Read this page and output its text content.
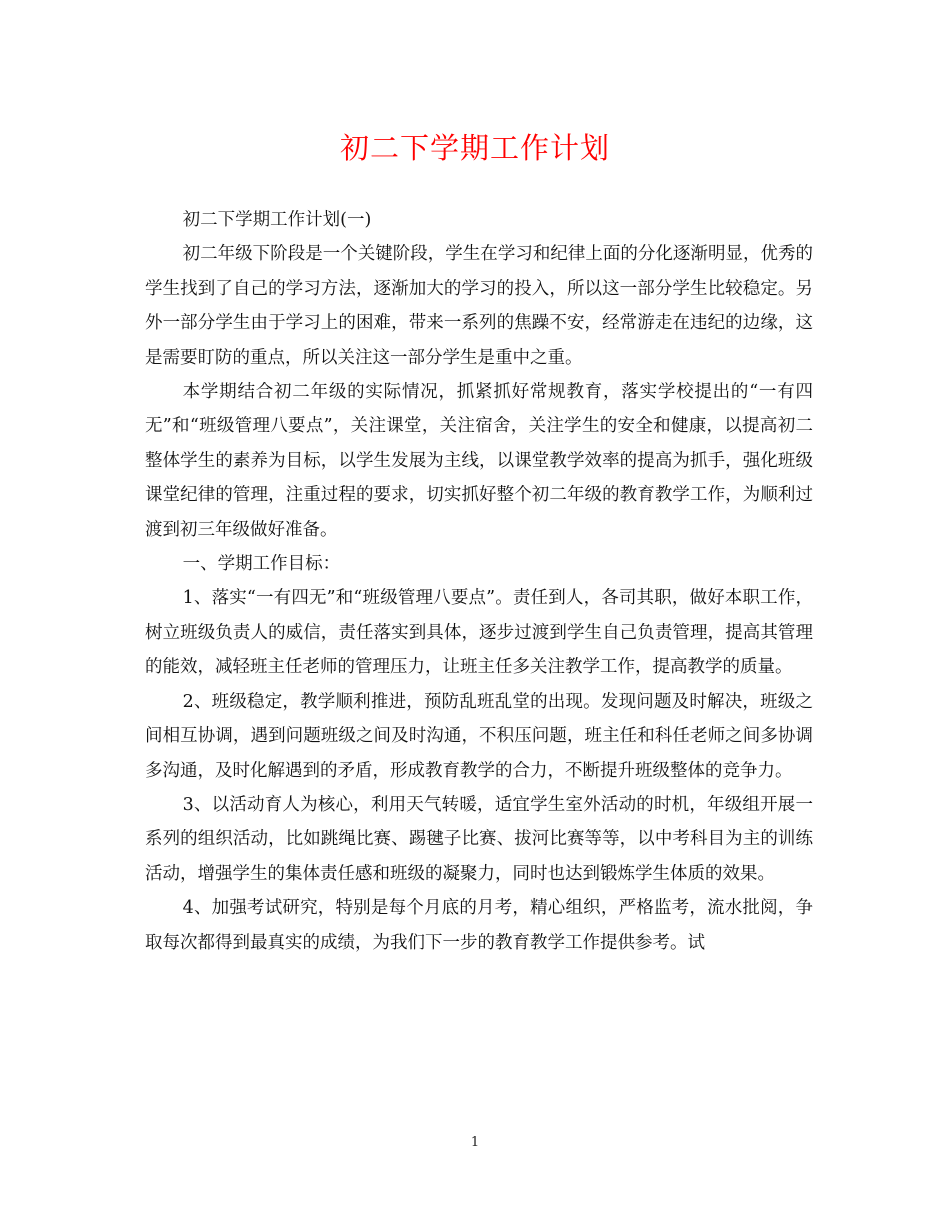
初二下学期工作计划

初二下学期工作计划(一)

初二年级下阶段是一个关键阶段，学生在学习和纪律上面的分化逐渐明显，优秀的学生找到了自己的学习方法，逐渐加大的学习的投入，所以这一部分学生比较稳定。另外一部分学生由于学习上的困难，带来一系列的焦躁不安，经常游走在违纪的边缘，这是需要盯防的重点，所以关注这一部分学生是重中之重。

本学期结合初二年级的实际情况，抓紧抓好常规教育，落实学校提出的“一有四无”和“班级管理八要点”，关注课堂，关注宿舍，关注学生的安全和健康，以提高初二整体学生的素养为目标，以学生发展为主线，以课堂教学效率的提高为抓手，强化班级课堂纪律的管理，注重过程的要求，切实抓好整个初二年级的教育教学工作，为顺利过渡到初三年级做好准备。

一、学期工作目标：

1、落实“一有四无”和“班级管理八要点”。责任到人，各司其职，做好本职工作，树立班级负责人的威信，责任落实到具体，逐步过渡到学生自己负责管理，提高其管理的能效，减轻班主任老师的管理压力，让班主任多关注教学工作，提高教学的质量。

2、班级稳定，教学顺利推进，预防乱班乱堂的出现。发现问题及时解决，班级之间相互协调，遇到问题班级之间及时沟通，不积压问题，班主任和科任老师之间多协调多沟通，及时化解遇到的矛盾，形成教育教学的合力，不断提升班级整体的竞争力。

3、以活动育人为核心，利用天气转暖，适宜学生室外活动的时机，年级组开展一系列的组织活动，比如跳绳比赛、踢毽子比赛、拔河比赛等等，以中考科目为主的训练活动，增强学生的集体责任感和班级的凝聚力，同时也达到锻炼学生体质的效果。

4、加强考试研究，特别是每个月底的月考，精心组织，严格监考，流水批阅，争取每次都得到最真实的成绩，为我们下一步的教育教学工作提供参考。试

1
